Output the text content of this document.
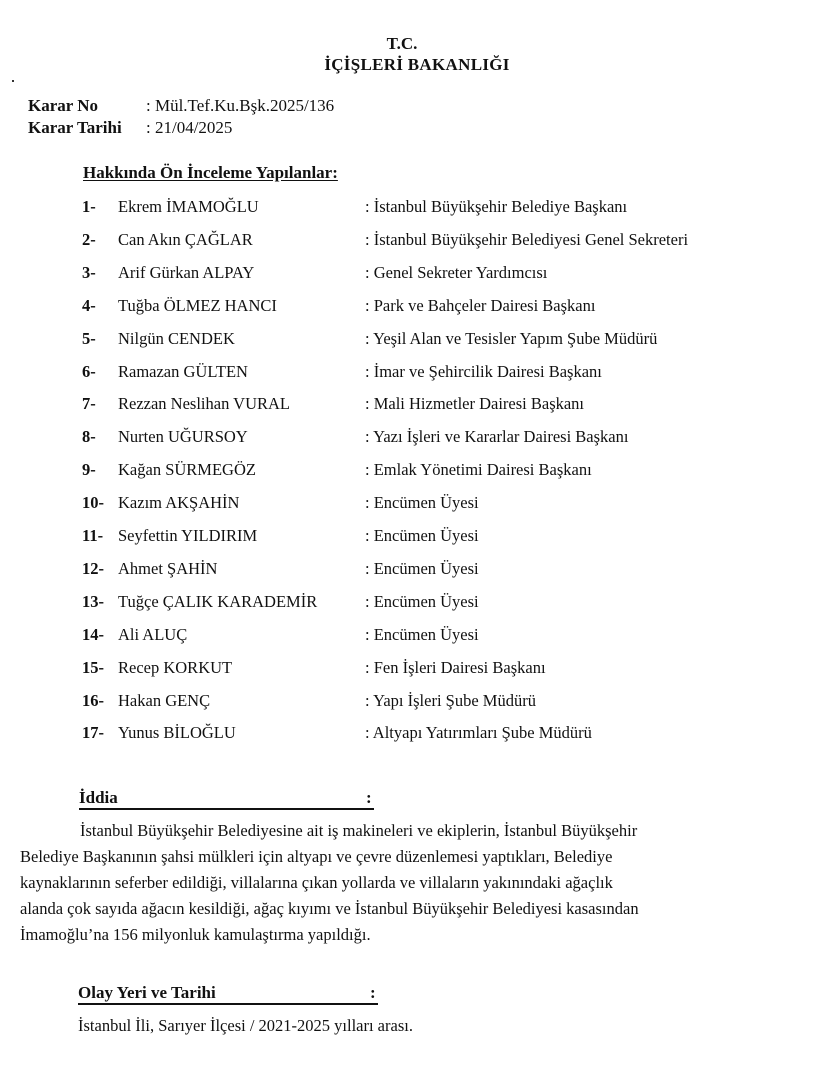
T.C.
İÇİŞLERİ BAKANLIĞI
Karar No	: Mül.Tef.Ku.Bşk.2025/136
Karar Tarihi : 21/04/2025
Hakkında Ön İnceleme Yapılanlar:
1- Ekrem İMAMOĞLU	: İstanbul Büyükşehir Belediye Başkanı
2- Can Akın ÇAĞLAR	: İstanbul Büyükşehir Belediyesi Genel Sekreteri
3- Arif Gürkan ALPAY	: Genel Sekreter Yardımcısı
4- Tuğba ÖLMEZ HANCI	: Park ve Bahçeler Dairesi Başkanı
5- Nilgün CENDEK	: Yeşil Alan ve Tesisler Yapım Şube Müdürü
6- Ramazan GÜLTEN	: İmar ve Şehircilik Dairesi Başkanı
7- Rezzan Neslihan VURAL	: Mali Hizmetler Dairesi Başkanı
8- Nurten UĞURSOY	: Yazı İşleri ve Kararlar Dairesi Başkanı
9- Kağan SÜRMEGÖZ	: Emlak Yönetimi Dairesi Başkanı
10- Kazım AKŞAHİN	: Encümen Üyesi
11- Seyfettin YILDIRIM	: Encümen Üyesi
12- Ahmet ŞAHİN	: Encümen Üyesi
13- Tuğçe ÇALIK KARADEMİR	: Encümen Üyesi
14- Ali ALUÇ	: Encümen Üyesi
15- Recep KORKUT	: Fen İşleri Dairesi Başkanı
16- Hakan GENÇ	: Yapı İşleri Şube Müdürü
17- Yunus BİLOĞLU	: Altyapı Yatırımları Şube Müdürü
İddia	:
İstanbul Büyükşehir Belediyesine ait iş makineleri ve ekiplerin, İstanbul Büyükşehir
Belediye Başkanının şahsi mülkleri için altyapı ve çevre düzenlemesi yaptıkları, Belediye
kaynaklarının seferber edildiği, villalarına çıkan yollarda ve villaların yakınındaki ağaçlık
alanda çok sayıda ağacın kesildiği, ağaç kıyımı ve İstanbul Büyükşehir Belediyesi kasasından
İmamoğlu’na 156 milyonluk kamulaştırma yapıldığı.
Olay Yeri ve Tarihi	:
İstanbul İli, Sarıyer İlçesi / 2021-2025 yılları arası.
